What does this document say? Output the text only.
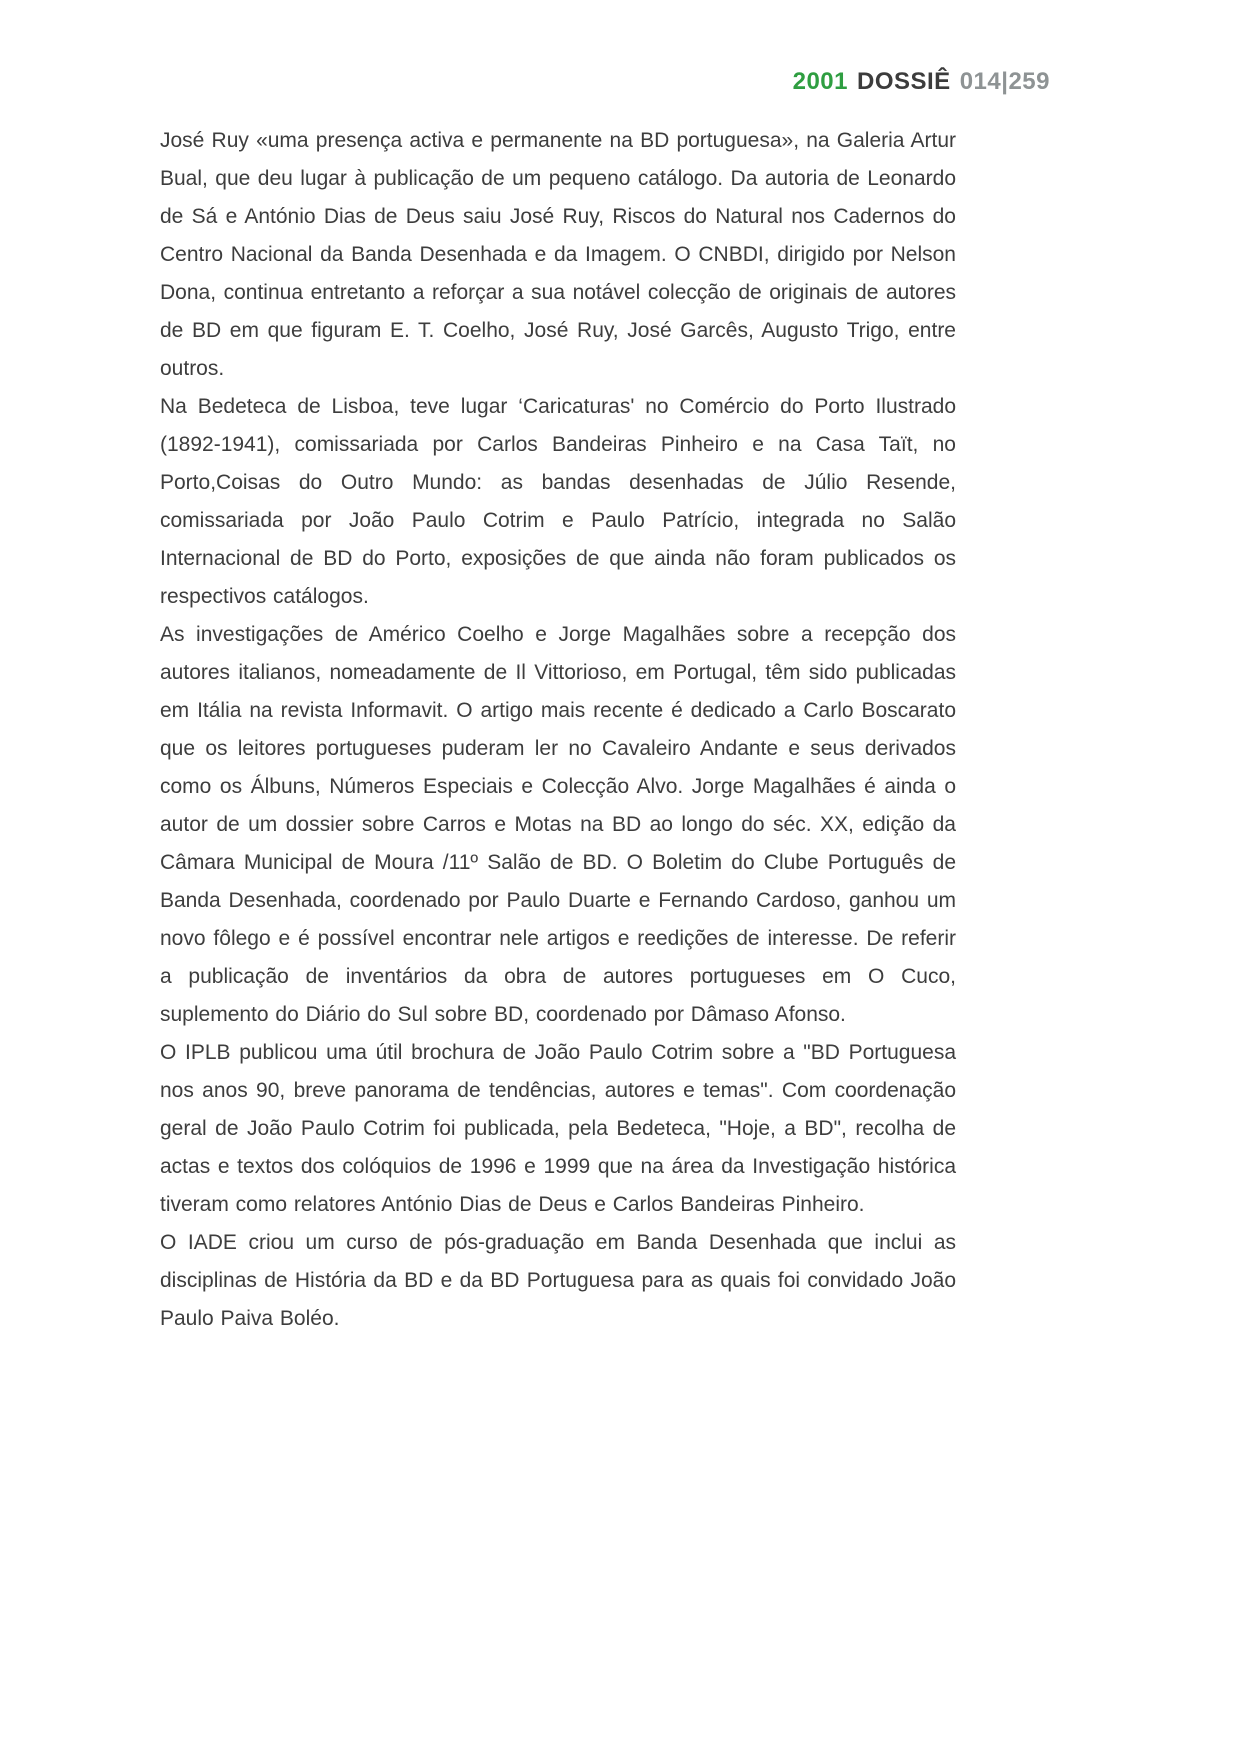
2001 DOSSIÊ 014|259

José Ruy «uma presença activa e permanente na BD portuguesa», na Galeria Artur Bual, que deu lugar à publicação de um pequeno catálogo. Da autoria de Leonardo de Sá e António Dias de Deus saiu José Ruy, Riscos do Natural nos Cadernos do Centro Nacional da Banda Desenhada e da Imagem. O CNBDI, dirigido por Nelson Dona, continua entretanto a reforçar a sua notável colecção de originais de autores de BD em que figuram E. T. Coelho, José Ruy, José Garcês, Augusto Trigo, entre outros.

Na Bedeteca de Lisboa, teve lugar ‘Caricaturas' no Comércio do Porto Ilustrado (1892-1941), comissariada por Carlos Bandeiras Pinheiro e na Casa Taït, no Porto,Coisas do Outro Mundo: as bandas desenhadas de Júlio Resende, comissariada por João Paulo Cotrim e Paulo Patrício, integrada no Salão Internacional de BD do Porto, exposições de que ainda não foram publicados os respectivos catálogos.

As investigações de Américo Coelho e Jorge Magalhães sobre a recepção dos autores italianos, nomeadamente de Il Vittorioso, em Portugal, têm sido publicadas em Itália na revista Informavit. O artigo mais recente é dedicado a Carlo Boscarato que os leitores portugueses puderam ler no Cavaleiro Andante e seus derivados como os Álbuns, Números Especiais e Colecção Alvo. Jorge Magalhães é ainda o autor de um dossier sobre Carros e Motas na BD ao longo do séc. XX, edição da Câmara Municipal de Moura /11º Salão de BD. O Boletim do Clube Português de Banda Desenhada, coordenado por Paulo Duarte e Fernando Cardoso, ganhou um novo fôlego e é possível encontrar nele artigos e reedições de interesse. De referir a publicação de inventários da obra de autores portugueses em O Cuco, suplemento do Diário do Sul sobre BD, coordenado por Dâmaso Afonso.

O IPLB publicou uma útil brochura de João Paulo Cotrim sobre a "BD Portuguesa nos anos 90, breve panorama de tendências, autores e temas". Com coordenação geral de João Paulo Cotrim foi publicada, pela Bedeteca, "Hoje, a BD", recolha de actas e textos dos colóquios de 1996 e 1999 que na área da Investigação histórica tiveram como relatores António Dias de Deus e Carlos Bandeiras Pinheiro.

O IADE criou um curso de pós-graduação em Banda Desenhada que inclui as disciplinas de História da BD e da BD Portuguesa para as quais foi convidado João Paulo Paiva Boléo.
